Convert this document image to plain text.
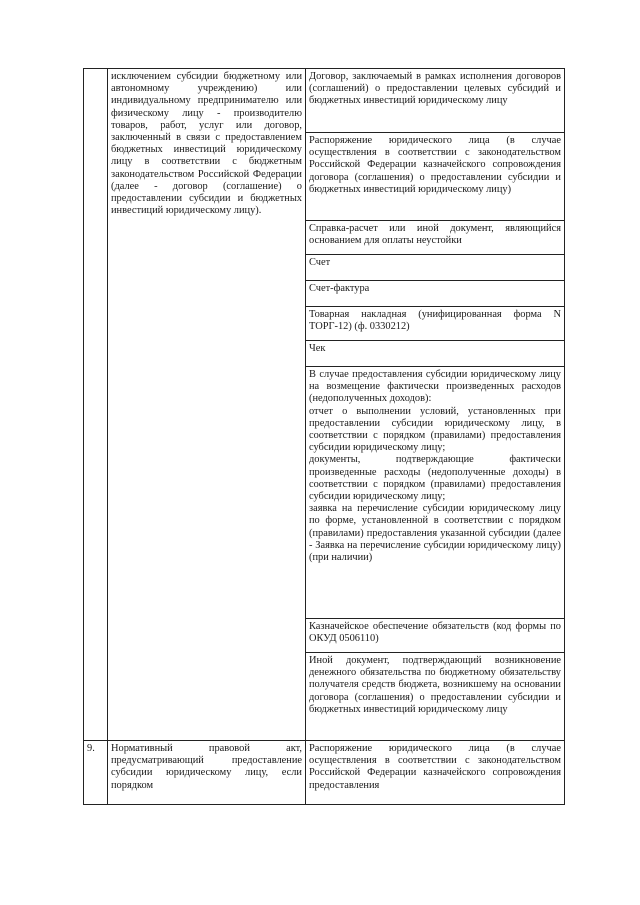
	исключением субсидии бюджетному или автономному учреждению) или индивидуальному предпринимателю или физическому лицу - производителю товаров, работ, услуг или договор, заключенный в связи с предоставлением бюджетных инвестиций юридическому лицу в соответствии с бюджетным законодательством Российской Федерации (далее - договор (соглашение) о предоставлении субсидии и бюджетных инвестиций юридическому лицу).	Договор, заключаемый в рамках исполнения договоров (соглашений) о предоставлении целевых субсидий и бюджетных инвестиций юридическому лицу
		Распоряжение юридического лица (в случае осуществления в соответствии с законодательством Российской Федерации казначейского сопровождения договора (соглашения) о предоставлении субсидии и бюджетных инвестиций юридическому лицу)
		Справка-расчет или иной документ, являющийся основанием для оплаты неустойки
		Счет
		Счет-фактура
		Товарная накладная (унифицированная форма N ТОРГ-12) (ф. 0330212)
		Чек
		В случае предоставления субсидии юридическому лицу на возмещение фактически произведенных расходов (недополученных доходов):
отчет о выполнении условий, установленных при предоставлении субсидии юридическому лицу, в соответствии с порядком (правилами) предоставления субсидии юридическому лицу;
документы, подтверждающие фактически произведенные расходы (недополученные доходы) в соответствии с порядком (правилами) предоставления субсидии юридическому лицу;
заявка на перечисление субсидии юридическому лицу по форме, установленной в соответствии с порядком (правилами) предоставления указанной субсидии (далее - Заявка на перечисление субсидии юридическому лицу) (при наличии)
		Казначейское обеспечение обязательств (код формы по ОКУД 0506110)
		Иной документ, подтверждающий возникновение денежного обязательства по бюджетному обязательству получателя средств бюджета, возникшему на основании договора (соглашения) о предоставлении субсидии и бюджетных инвестиций юридическому лицу
9.	Нормативный правовой акт, предусматривающий предоставление субсидии юридическому лицу, если порядком	Распоряжение юридического лица (в случае осуществления в соответствии с законодательством Российской Федерации казначейского сопровождения предоставления
